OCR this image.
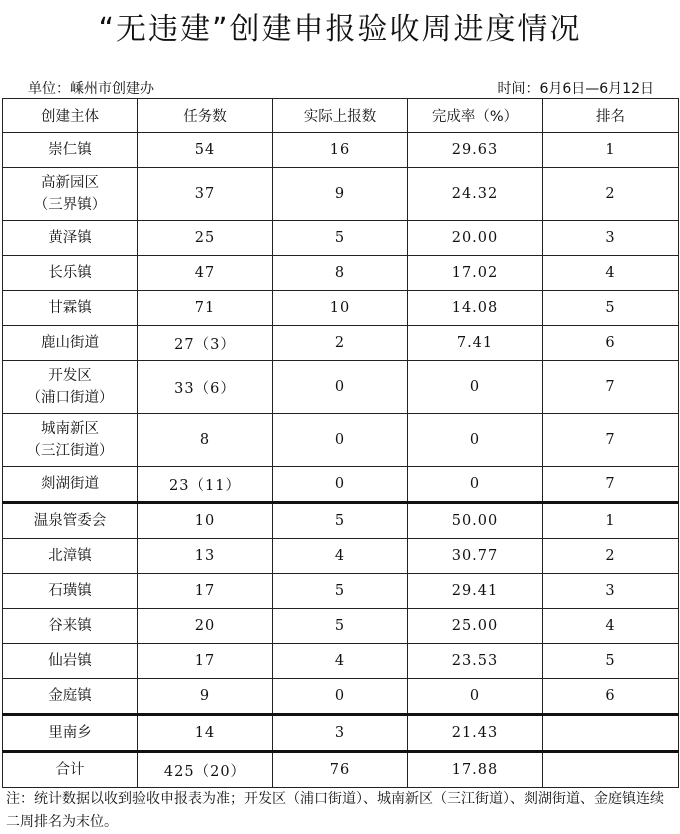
“无违建”创建申报验收周进度情况
单位：嵊州市创建办	时间：6月6日—6月12日
创建主体	任务数	实际上报数	完成率（%）	排名

崇仁镇	54	16	29.63	1

高新园区
（三界镇）	37	9	24.32	2

黄泽镇	25	5	20.00	3

长乐镇	47	8	17.02	4

甘霖镇	71	10	14.08	5

鹿山街道	27（3）	2	7.41	6

开发区
（浦口街道）	33（6）	0	0	7

城南新区
（三江街道）	8	0	0	7

剡湖街道	23（11）	0	0	7

温泉管委会	10	5	50.00	1

北漳镇	13	4	30.77	2

石璜镇	17	5	29.41	3

谷来镇	20	5	25.00	4

仙岩镇	17	4	23.53	5

金庭镇	9	0	0	6

里南乡	14	3	21.43	

合计	425（20）	76	17.88	
注：统计数据以收到验收申报表为准；开发区（浦口街道）、城南新区（三江街道）、剡湖街道、金庭镇连续二周排名为末位。
